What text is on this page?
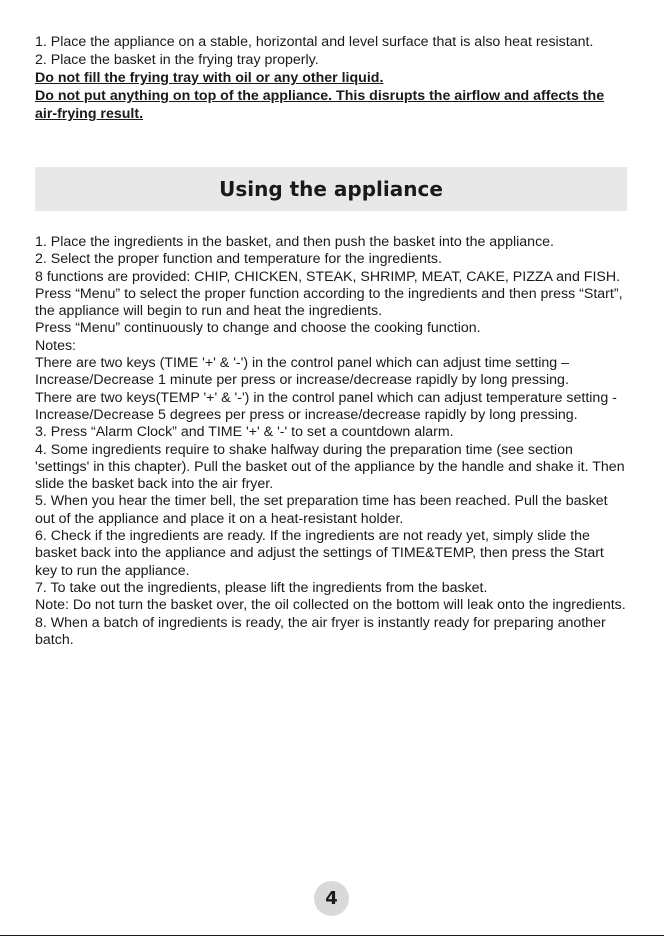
1. Place the appliance on a stable, horizontal and level surface that is also heat resistant.

2. Place the basket in the frying tray properly.

Do not fill the frying tray with oil or any other liquid.

Do not put anything on top of the appliance. This disrupts the airflow and affects the air-frying result.

Using the appliance

1. Place the ingredients in the basket, and then push the basket into the appliance.

2. Select the proper function and temperature for the ingredients.

8 functions are provided: CHIP, CHICKEN, STEAK, SHRIMP, MEAT, CAKE, PIZZA and FISH.

Press “Menu” to select the proper function according to the ingredients and then press “Start”, the appliance will begin to run and heat the ingredients.

Press “Menu” continuously to change and choose the cooking function.

Notes:

There are two keys (TIME '+' & '-') in the control panel which can adjust time setting – Increase/Decrease 1 minute per press or increase/decrease rapidly by long pressing.

There are two keys(TEMP '+' & '-') in the control panel which can adjust temperature setting - Increase/Decrease 5 degrees per press or increase/decrease rapidly by long pressing.

3. Press “Alarm Clock” and TIME '+' & '-' to set a countdown alarm.

4. Some ingredients require to shake halfway during the preparation time (see section 'settings' in this chapter). Pull the basket out of the appliance by the handle and shake it. Then slide the basket back into the air fryer.

5. When you hear the timer bell, the set preparation time has been reached. Pull the basket out of the appliance and place it on a heat-resistant holder.

6. Check if the ingredients are ready. If the ingredients are not ready yet, simply slide the basket back into the appliance and adjust the settings of TIME&TEMP, then press the Start key to run the appliance.

7. To take out the ingredients, please lift the ingredients from the basket.

Note: Do not turn the basket over, the oil collected on the bottom will leak onto the ingredients.

8. When a batch of ingredients is ready, the air fryer is instantly ready for preparing another batch.

4
